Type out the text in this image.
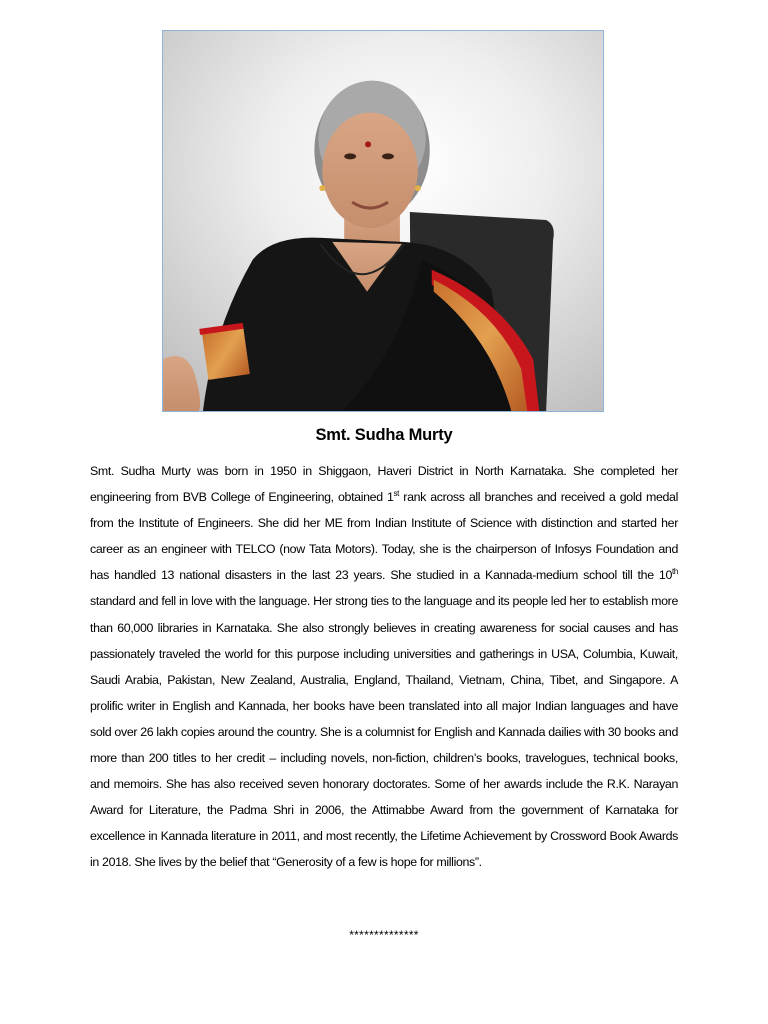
Smt. Sudha Murty

Smt. Sudha Murty was born in 1950 in Shiggaon, Haveri District in North Karnataka. She completed her engineering from BVB College of Engineering, obtained 1st rank across all branches and received a gold medal from the Institute of Engineers. She did her ME from Indian Institute of Science with distinction and started her career as an engineer with TELCO (now Tata Motors). Today, she is the chairperson of Infosys Foundation and has handled 13 national disasters in the last 23 years. She studied in a Kannada-medium school till the 10th standard and fell in love with the language. Her strong ties to the language and its people led her to establish more than 60,000 libraries in Karnataka. She also strongly believes in creating awareness for social causes and has passionately traveled the world for this purpose including universities and gatherings in USA, Columbia, Kuwait, Saudi Arabia, Pakistan, New Zealand, Australia, England, Thailand, Vietnam, China, Tibet, and Singapore. A prolific writer in English and Kannada, her books have been translated into all major Indian languages and have sold over 26 lakh copies around the country. She is a columnist for English and Kannada dailies with 30 books and more than 200 titles to her credit – including novels, non-fiction, children’s books, travelogues, technical books, and memoirs. She has also received seven honorary doctorates. Some of her awards include the R.K. Narayan Award for Literature, the Padma Shri in 2006, the Attimabbe Award from the government of Karnataka for excellence in Kannada literature in 2011, and most recently, the Lifetime Achievement by Crossword Book Awards in 2018. She lives by the belief that “Generosity of a few is hope for millions”.

**************
